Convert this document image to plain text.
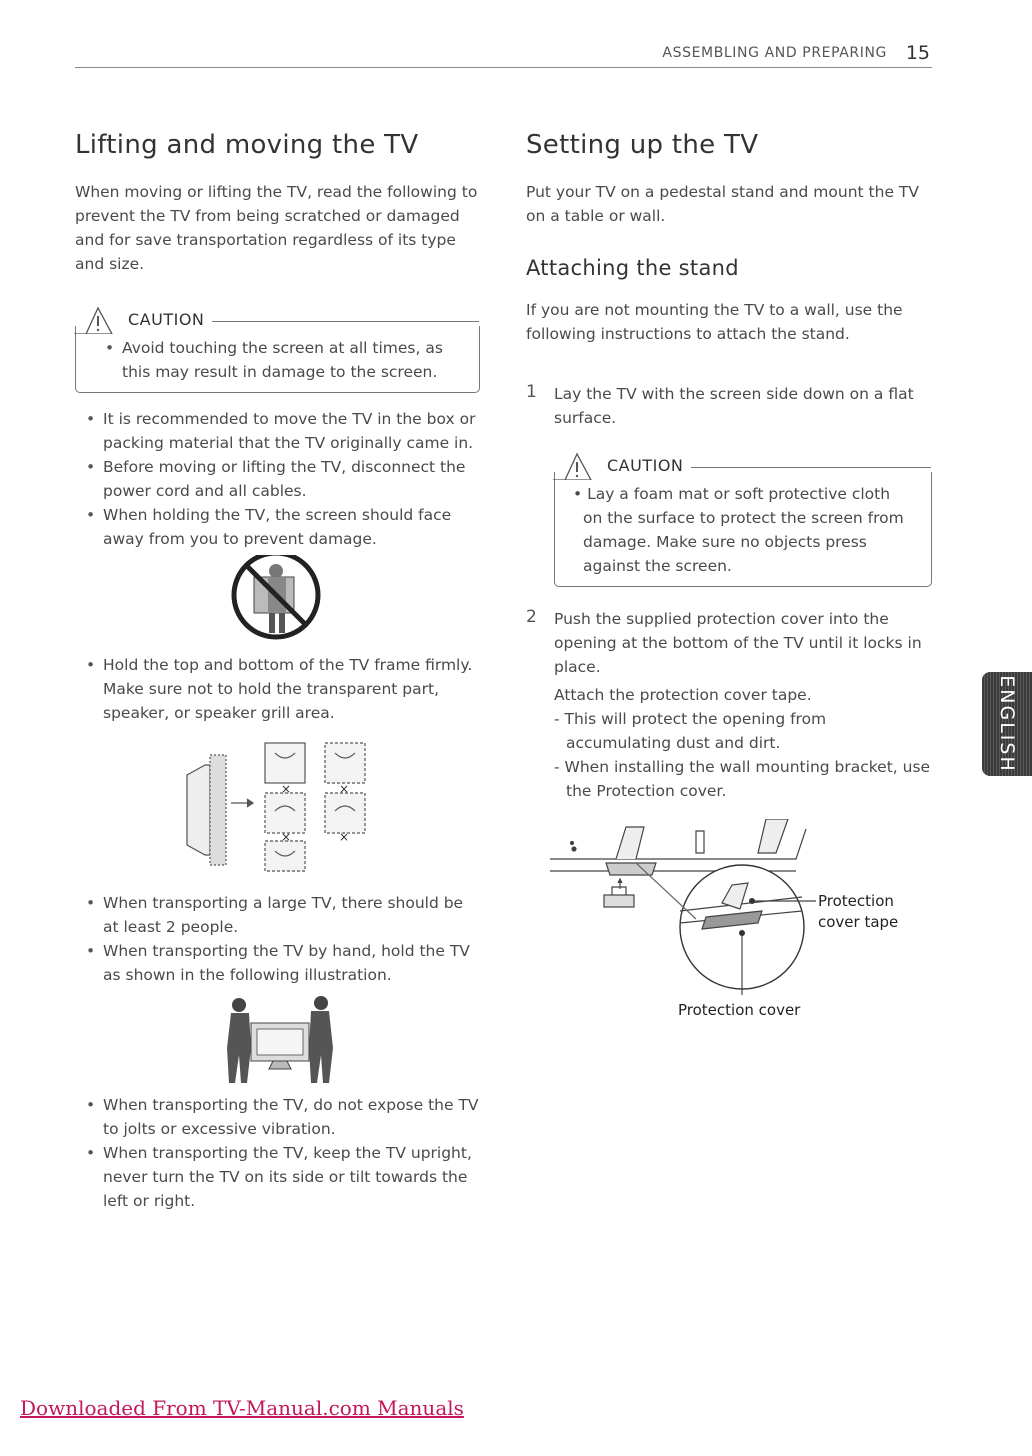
ASSEMBLING AND PREPARING 15
Lifting and moving the TV

When moving or lifting the TV, read the following to prevent the TV from being scratched or damaged and for save transportation regardless of its type and size.

CAUTION
• Avoid touching the screen at all times, as this may result in damage to the screen.
• It is recommended to move the TV in the box or packing material that the TV originally came in.
• Before moving or lifting the TV, disconnect the power cord and all cables.
• When holding the TV, the screen should face away from you to prevent damage.
• Hold the top and bottom of the TV frame firmly. Make sure not to hold the transparent part, speaker, or speaker grill area.
×	×
×	×
• When transporting a large TV, there should be at least 2 people.
• When transporting the TV by hand, hold the TV as shown in the following illustration.
• When transporting the TV, do not expose the TV to jolts or excessive vibration.
• When transporting the TV, keep the TV upright, never turn the TV on its side or tilt towards the left or right.
Setting up the TV

Put your TV on a pedestal stand and mount the TV on a table or wall.

Attaching the stand

If you are not mounting the TV to a wall, use the following instructions to attach the stand.

1 Lay the TV with the screen side down on a flat surface.

CAUTION

• Lay a foam mat or soft protective cloth on the surface to protect the screen from damage. Make sure no objects press against the screen.

2 Push the supplied protection cover into the opening at the bottom of the TV until it locks in place.

Attach the protection cover tape.

- This will protect the opening from accumulating dust and dirt.

- When installing the wall mounting bracket, use the Protection cover.

Protection
cover tape
Protection cover
ENGLISH
Downloaded From TV-Manual.com Manuals
